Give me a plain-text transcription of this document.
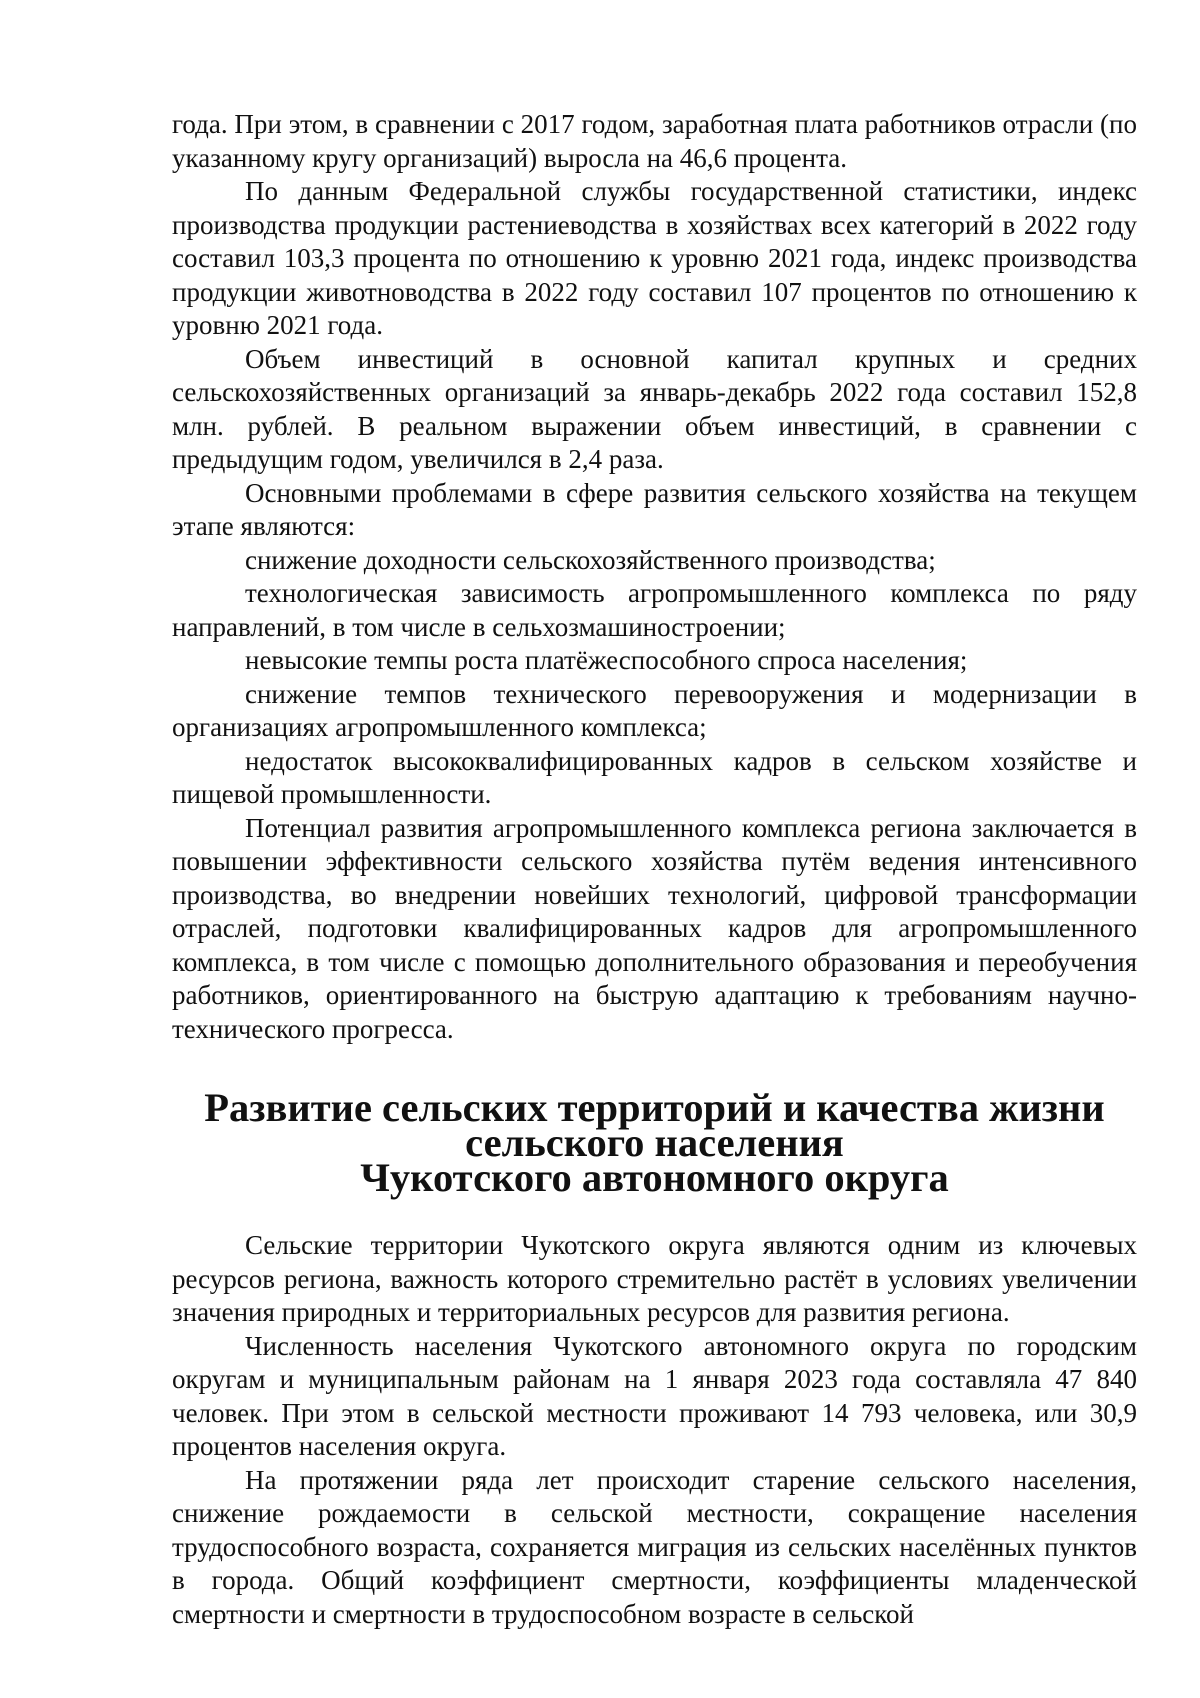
года. При этом, в сравнении с 2017 годом, заработная плата работников отрасли (по указанному кругу организаций) выросла на 46,6 процента.

По данным Федеральной службы государственной статистики, индекс производства продукции растениеводства в хозяйствах всех категорий в 2022 году составил 103,3 процента по отношению к уровню 2021 года, индекс производства продукции животноводства в 2022 году составил 107 процентов по отношению к уровню 2021 года.

Объем инвестиций в основной капитал крупных и средних сельскохозяйственных организаций за январь-декабрь 2022 года составил 152,8 млн. рублей. В реальном выражении объем инвестиций, в сравнении с предыдущим годом, увеличился в 2,4 раза.

Основными проблемами в сфере развития сельского хозяйства на текущем этапе являются:

снижение доходности сельскохозяйственного производства;

технологическая зависимость агропромышленного комплекса по ряду направлений, в том числе в сельхозмашиностроении;

невысокие темпы роста платёжеспособного спроса населения;

снижение темпов технического перевооружения и модернизации в организациях агропромышленного комплекса;

недостаток высококвалифицированных кадров в сельском хозяйстве и пищевой промышленности.

Потенциал развития агропромышленного комплекса региона заключается в повышении эффективности сельского хозяйства путём ведения интенсивного производства, во внедрении новейших технологий, цифровой трансформации отраслей, подготовки квалифицированных кадров для агропромышленного комплекса, в том числе с помощью дополнительного образования и переобучения работников, ориентированного на быструю адаптацию к требованиям научно-технического прогресса.

Развитие сельских территорий и качества жизни сельского населения
Чукотского автономного округа

Сельские территории Чукотского округа являются одним из ключевых ресурсов региона, важность которого стремительно растёт в условиях увеличении значения природных и территориальных ресурсов для развития региона.

Численность населения Чукотского автономного округа по городским округам и муниципальным районам на 1 января 2023 года составляла 47 840 человек. При этом в сельской местности проживают 14 793 человека, или 30,9 процентов населения округа.

На протяжении ряда лет происходит старение сельского населения, снижение рождаемости в сельской местности, сокращение населения трудоспособного возраста, сохраняется миграция из сельских населённых пунктов в города. Общий коэффициент смертности, коэффициенты младенческой смертности и смертности в трудоспособном возрасте в сельской
